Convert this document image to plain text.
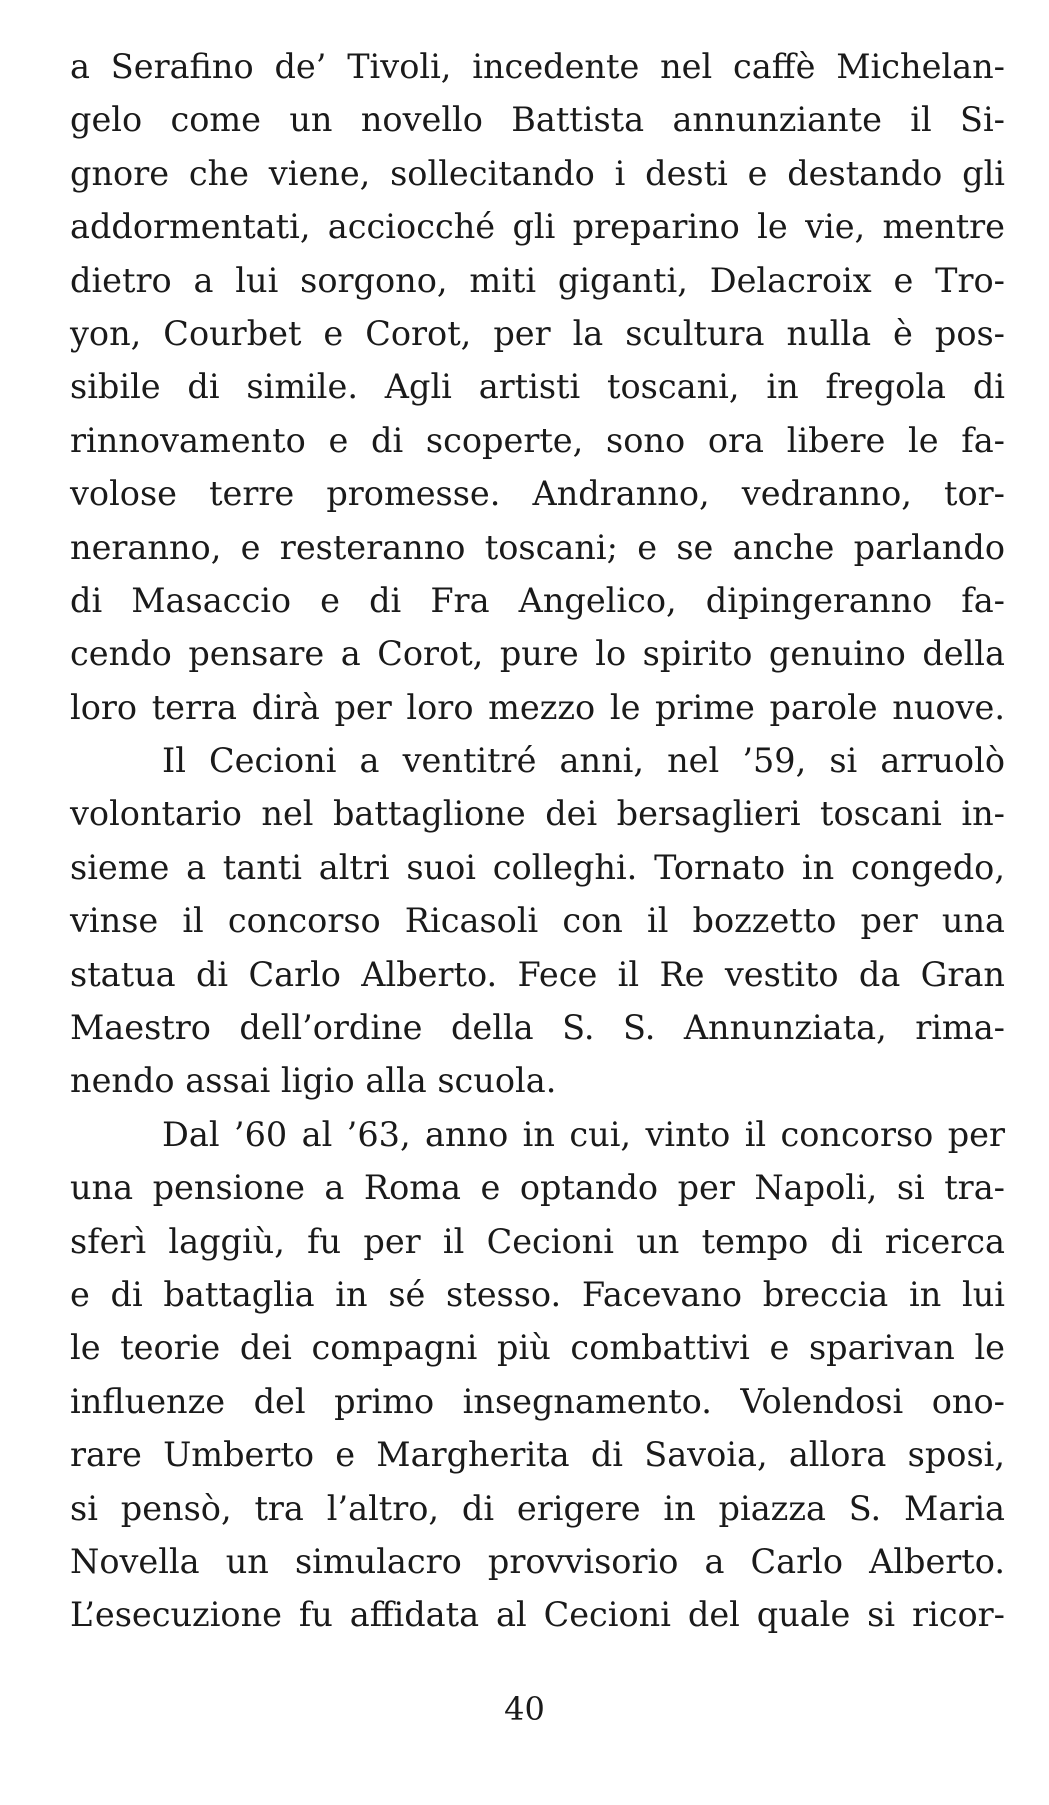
a Serafino de’ Tivoli, incedente nel caffè Michelan-
gelo come un novello Battista annunziante il Si-
gnore che viene, sollecitando i desti e destando gli
addormentati, acciocché gli preparino le vie, mentre
dietro a lui sorgono, miti giganti, Delacroix e Tro-
yon, Courbet e Corot, per la scultura nulla è pos-
sibile di simile. Agli artisti toscani, in fregola di
rinnovamento e di scoperte, sono ora libere le fa-
volose terre promesse. Andranno, vedranno, tor-
neranno, e resteranno toscani; e se anche parlando
di Masaccio e di Fra Angelico, dipingeranno fa-
cendo pensare a Corot, pure lo spirito genuino della
loro terra dirà per loro mezzo le prime parole nuove.
Il Cecioni a ventitré anni, nel ’59, si arruolò
volontario nel battaglione dei bersaglieri toscani in-
sieme a tanti altri suoi colleghi. Tornato in congedo,
vinse il concorso Ricasoli con il bozzetto per una
statua di Carlo Alberto. Fece il Re vestito da Gran
Maestro dell’ordine della S. S. Annunziata, rima-
nendo assai ligio alla scuola.
Dal ’60 al ’63, anno in cui, vinto il concorso per
una pensione a Roma e optando per Napoli, si tra-
sferì laggiù, fu per il Cecioni un tempo di ricerca
e di battaglia in sé stesso. Facevano breccia in lui
le teorie dei compagni più combattivi e sparivan le
influenze del primo insegnamento. Volendosi ono-
rare Umberto e Margherita di Savoia, allora sposi,
si pensò, tra l’altro, di erigere in piazza S. Maria
Novella un simulacro provvisorio a Carlo Alberto.
L’esecuzione fu affidata al Cecioni del quale si ricor-
40
